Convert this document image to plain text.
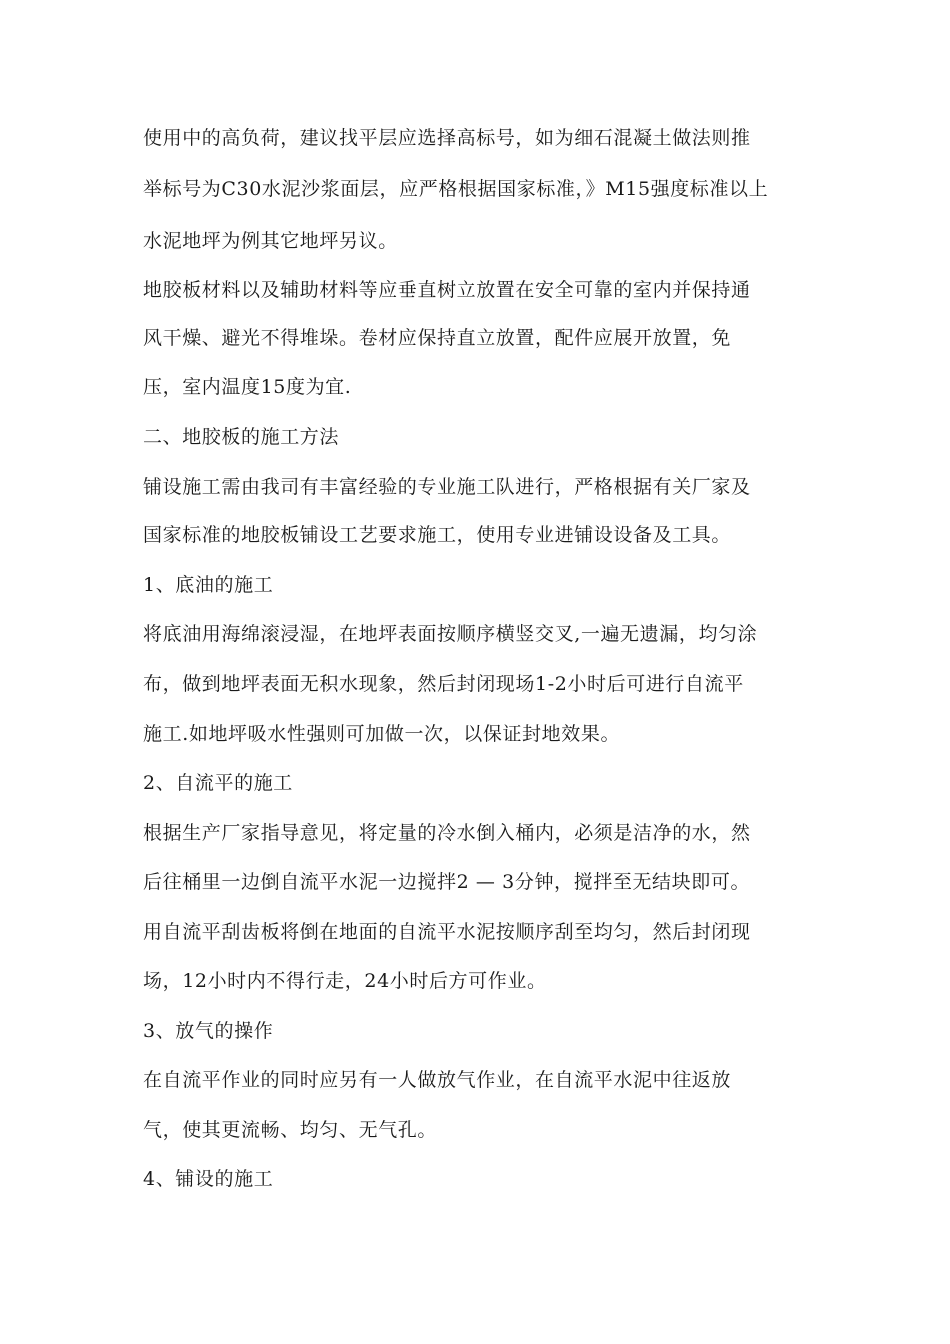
使用中的高负荷，建议找平层应选择高标号，如为细石混凝土做法则推
举标号为C30水泥沙浆面层，应严格根据国家标准，》M15强度标准以上
水泥地坪为例其它地坪另议。
地胶板材料以及辅助材料等应垂直树立放置在安全可靠的室内并保持通
风干燥、避光不得堆垛。卷材应保持直立放置，配件应展开放置，免
压，室内温度15度为宜.
二、地胶板的施工方法
铺设施工需由我司有丰富经验的专业施工队进行，严格根据有关厂家及
国家标准的地胶板铺设工艺要求施工，使用专业进铺设设备及工具。
1、底油的施工
将底油用海绵滚浸湿，在地坪表面按顺序横竖交叉,一遍无遗漏，均匀涂
布，做到地坪表面无积水现象，然后封闭现场1-2小时后可进行自流平
施工.如地坪吸水性强则可加做一次，以保证封地效果。
2、自流平的施工
根据生产厂家指导意见，将定量的冷水倒入桶内，必须是洁净的水，然
后往桶里一边倒自流平水泥一边搅拌2 — 3分钟，搅拌至无结块即可。
用自流平刮齿板将倒在地面的自流平水泥按顺序刮至均匀，然后封闭现
场，12小时内不得行走，24小时后方可作业。
3、放气的操作
在自流平作业的同时应另有一人做放气作业，在自流平水泥中往返放
气，使其更流畅、均匀、无气孔。
4、铺设的施工
